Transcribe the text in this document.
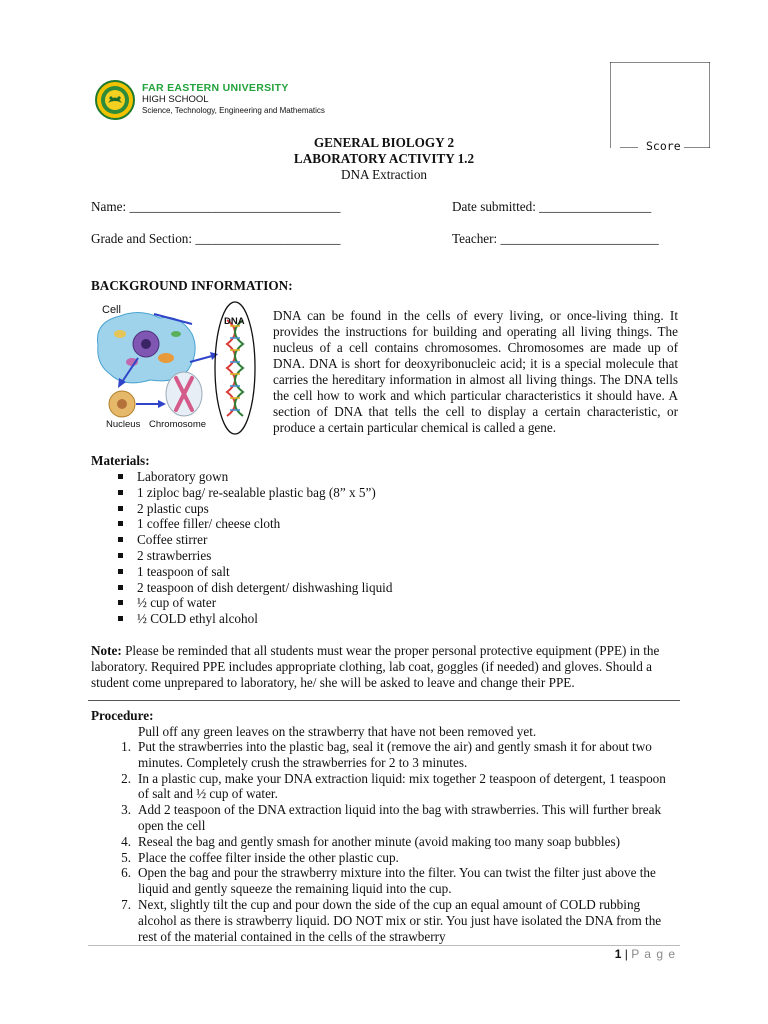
FAR EASTERN UNIVERSITY
HIGH SCHOOL
Science, Technology, Engineering and Mathematics
Score
GENERAL BIOLOGY 2
LABORATORY ACTIVITY 1.2
DNA Extraction
Name: ________________________________	Date submitted: _________________
Grade and Section: ______________________	Teacher: ________________________
BACKGROUND INFORMATION:
Cell
DNA
Nucleus Chromosome
DNA can be found in the cells of every living, or once-living thing. It provides the instructions for building and operating all living things. The nucleus of a cell contains chromosomes. Chromosomes are made up of DNA. DNA is short for deoxyribonucleic acid; it is a special molecule that carries the hereditary information in almost all living things. The DNA tells the cell how to work and which particular characteristics it should have. A section of DNA that tells the cell to display a certain characteristic, or produce a certain particular chemical is called a gene.
Materials:
Laboratory gown
1 ziploc bag/ re-sealable plastic bag (8” x 5”)
2 plastic cups
1 coffee filler/ cheese cloth
Coffee stirrer
2 strawberries
1 teaspoon of salt
2 teaspoon of dish detergent/ dishwashing liquid
½ cup of water
½ COLD ethyl alcohol
Note: Please be reminded that all students must wear the proper personal protective equipment (PPE) in the laboratory. Required PPE includes appropriate clothing, lab coat, goggles (if needed) and gloves. Should a student come unprepared to laboratory, he/ she will be asked to leave and change their PPE.
Procedure:
Pull off any green leaves on the strawberry that have not been removed yet.
1. Put the strawberries into the plastic bag, seal it (remove the air) and gently smash it for about two minutes. Completely crush the strawberries for 2 to 3 minutes.
2. In a plastic cup, make your DNA extraction liquid: mix together 2 teaspoon of detergent, 1 teaspoon of salt and ½ cup of water.
3. Add 2 teaspoon of the DNA extraction liquid into the bag with strawberries. This will further break open the cell
4. Reseal the bag and gently smash for another minute (avoid making too many soap bubbles)
5. Place the coffee filter inside the other plastic cup.
6. Open the bag and pour the strawberry mixture into the filter. You can twist the filter just above the liquid and gently squeeze the remaining liquid into the cup.
7. Next, slightly tilt the cup and pour down the side of the cup an equal amount of COLD rubbing alcohol as there is strawberry liquid. DO NOT mix or stir. You just have isolated the DNA from the rest of the material contained in the cells of the strawberry
1 | P a g e
